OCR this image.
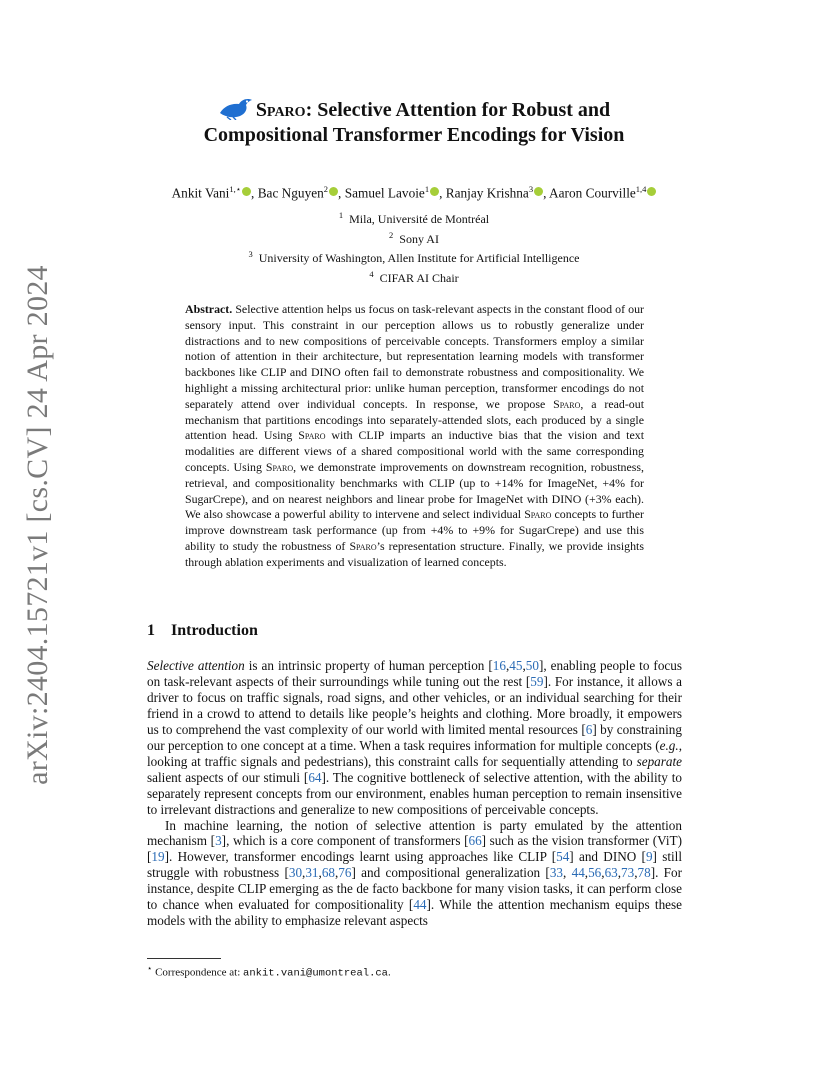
arXiv:2404.15721v1 [cs.CV] 24 Apr 2024

Sparo: Selective Attention for Robust and
Compositional Transformer Encodings for Vision

Ankit Vani$^{1,⋆}$ , Bac Nguyen$^2$ , Samuel Lavoie$^1$ , Ranjay Krishna$^3$ , Aaron Courville$^{1,4}$
$^1$ Mila, Université de Montréal
$^2$ Sony AI
$^3$ University of Washington, Allen Institute for Artificial Intelligence
$^4$ CIFAR AI Chair
Abstract. Selective attention helps us focus on task-relevant aspects in the constant flood of our sensory input. This constraint in our perception allows us to robustly generalize under distractions and to new compositions of perceivable concepts. Transformers employ a similar notion of attention in their architecture, but representation learning models with transformer backbones like CLIP and DINO often fail to demonstrate robustness and compositionality. We highlight a missing architectural prior: unlike human perception, transformer encodings do not separately attend over individual concepts. In response, we propose Sparo, a read-out mechanism that partitions encodings into separately-attended slots, each produced by a single attention head. Using Sparo with CLIP imparts an inductive bias that the vision and text modalities are different views of a shared compositional world with the same corresponding concepts. Using Sparo, we demonstrate improvements on downstream recognition, robustness, retrieval, and compositionality benchmarks with CLIP (up to +14% for ImageNet, +4% for SugarCrepe), and on nearest neighbors and linear probe for ImageNet with DINO (+3% each). We also showcase a powerful ability to intervene and select individual Sparo concepts to further improve downstream task performance (up from +4% to +9% for SugarCrepe) and use this ability to study the robustness of Sparo’s representation structure. Finally, we provide insights through ablation experiments and visualization of learned concepts.
1 Introduction

Selective attention is an intrinsic property of human perception [16,45,50], enabling people to focus on task-relevant aspects of their surroundings while tuning out the rest [59]. For instance, it allows a driver to focus on traffic signals, road signs, and other vehicles, or an individual searching for their friend in a crowd to attend to details like people’s heights and clothing. More broadly, it empowers us to comprehend the vast complexity of our world with limited mental resources [6] by constraining our perception to one concept at a time. When a task requires information for multiple concepts (e.g., looking at traffic signals and pedestrians), this constraint calls for sequentially attending to separate salient aspects of our stimuli [64]. The cognitive bottleneck of selective attention, with the ability to separately represent concepts from our environment, enables human perception to remain insensitive to irrelevant distractions and generalize to new compositions of perceivable concepts.

In machine learning, the notion of selective attention is party emulated by the attention mechanism [3], which is a core component of transformers [66] such as the vision transformer (ViT) [19]. However, transformer encodings learnt using approaches like CLIP [54] and DINO [9] still struggle with robustness [30,31,68,76] and compositional generalization [33, 44,56,63,73,78]. For instance, despite CLIP emerging as the de facto backbone for many vision tasks, it can perform close to chance when evaluated for compositionality [44]. While the attention mechanism equips these models with the ability to emphasize relevant aspects

⋆ Correspondence at: ankit.vani@umontreal.ca.
